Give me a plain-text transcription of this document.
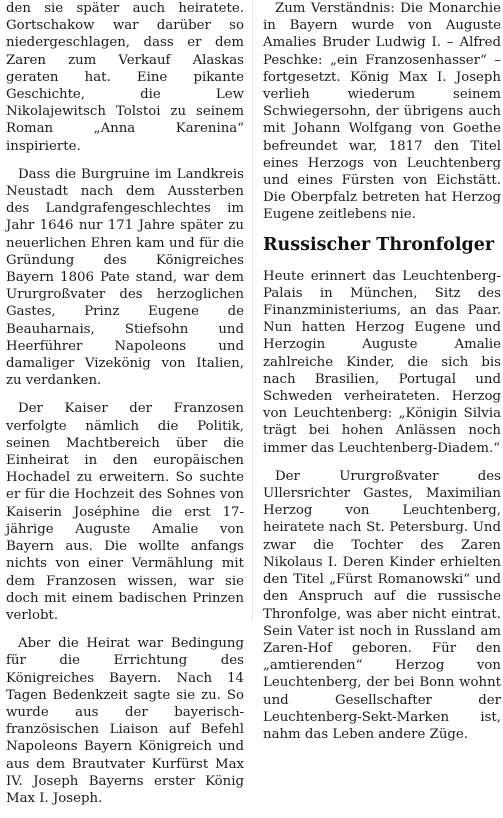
den sie später auch heiratete. Gortschakow war darüber so niedergeschlagen, dass er dem Zaren zum Verkauf Alaskas geraten hat. Eine pikante Geschichte, die Lew Nikolajewitsch Tolstoi zu seinem Roman „Anna Karenina“ inspirierte.

Dass die Burgruine im Landkreis Neustadt nach dem Aussterben des Landgrafengeschlechtes im Jahr 1646 nur 171 Jahre später zu neuerlichen Ehren kam und für die Gründung des Königreiches Bayern 1806 Pate stand, war dem Ururgroßvater des herzoglichen Gastes, Prinz Eugene de Beauharnais, Stiefsohn und Heerführer Napoleons und damaliger Vizekönig von Italien, zu verdanken.

Der Kaiser der Franzosen verfolgte nämlich die Politik, seinen Machtbereich über die Einheirat in den europäischen Hochadel zu erweitern. So suchte er für die Hochzeit des Sohnes von Kaiserin Joséphine die erst 17-jährige Auguste Amalie von Bayern aus. Die wollte anfangs nichts von einer Vermählung mit dem Franzosen wissen, war sie doch mit einem badischen Prinzen verlobt.

Aber die Heirat war Bedingung für die Errichtung des Königreiches Bayern. Nach 14 Tagen Bedenkzeit sagte sie zu. So wurde aus der bayerisch-französischen Liaison auf Befehl Napoleons Bayern Königreich und aus dem Brautvater Kurfürst Max IV. Joseph Bayerns erster König Max I. Joseph.

Zum Verständnis: Die Monarchie in Bayern wurde von Auguste Amalies Bruder Ludwig I. – Alfred Peschke: „ein Franzosenhasser“ – fortgesetzt. König Max I. Joseph verlieh wiederum seinem Schwiegersohn, der übrigens auch mit Johann Wolfgang von Goethe befreundet war, 1817 den Titel eines Herzogs von Leuchtenberg und eines Fürsten von Eichstätt. Die Oberpfalz betreten hat Herzog Eugene zeitlebens nie.

Russischer Thronfolger

Heute erinnert das Leuchtenberg-Palais in München, Sitz des Finanzministeriums, an das Paar. Nun hatten Herzog Eugene und Herzogin Auguste Amalie zahlreiche Kinder, die sich bis nach Brasilien, Portugal und Schweden verheirateten. Herzog von Leuchtenberg: „Königin Silvia trägt bei hohen Anlässen noch immer das Leuchtenberg-Diadem.“

Der Ururgroßvater des Ullersrichter Gastes, Maximilian Herzog von Leuchtenberg, heiratete nach St. Petersburg. Und zwar die Tochter des Zaren Nikolaus I. Deren Kinder erhielten den Titel „Fürst Romanowski“ und den Anspruch auf die russische Thronfolge, was aber nicht eintrat. Sein Vater ist noch in Russland am Zaren-Hof geboren. Für den „amtierenden“ Herzog von Leuchtenberg, der bei Bonn wohnt und Gesellschafter der Leuchtenberg-Sekt-Marken ist, nahm das Leben andere Züge.
